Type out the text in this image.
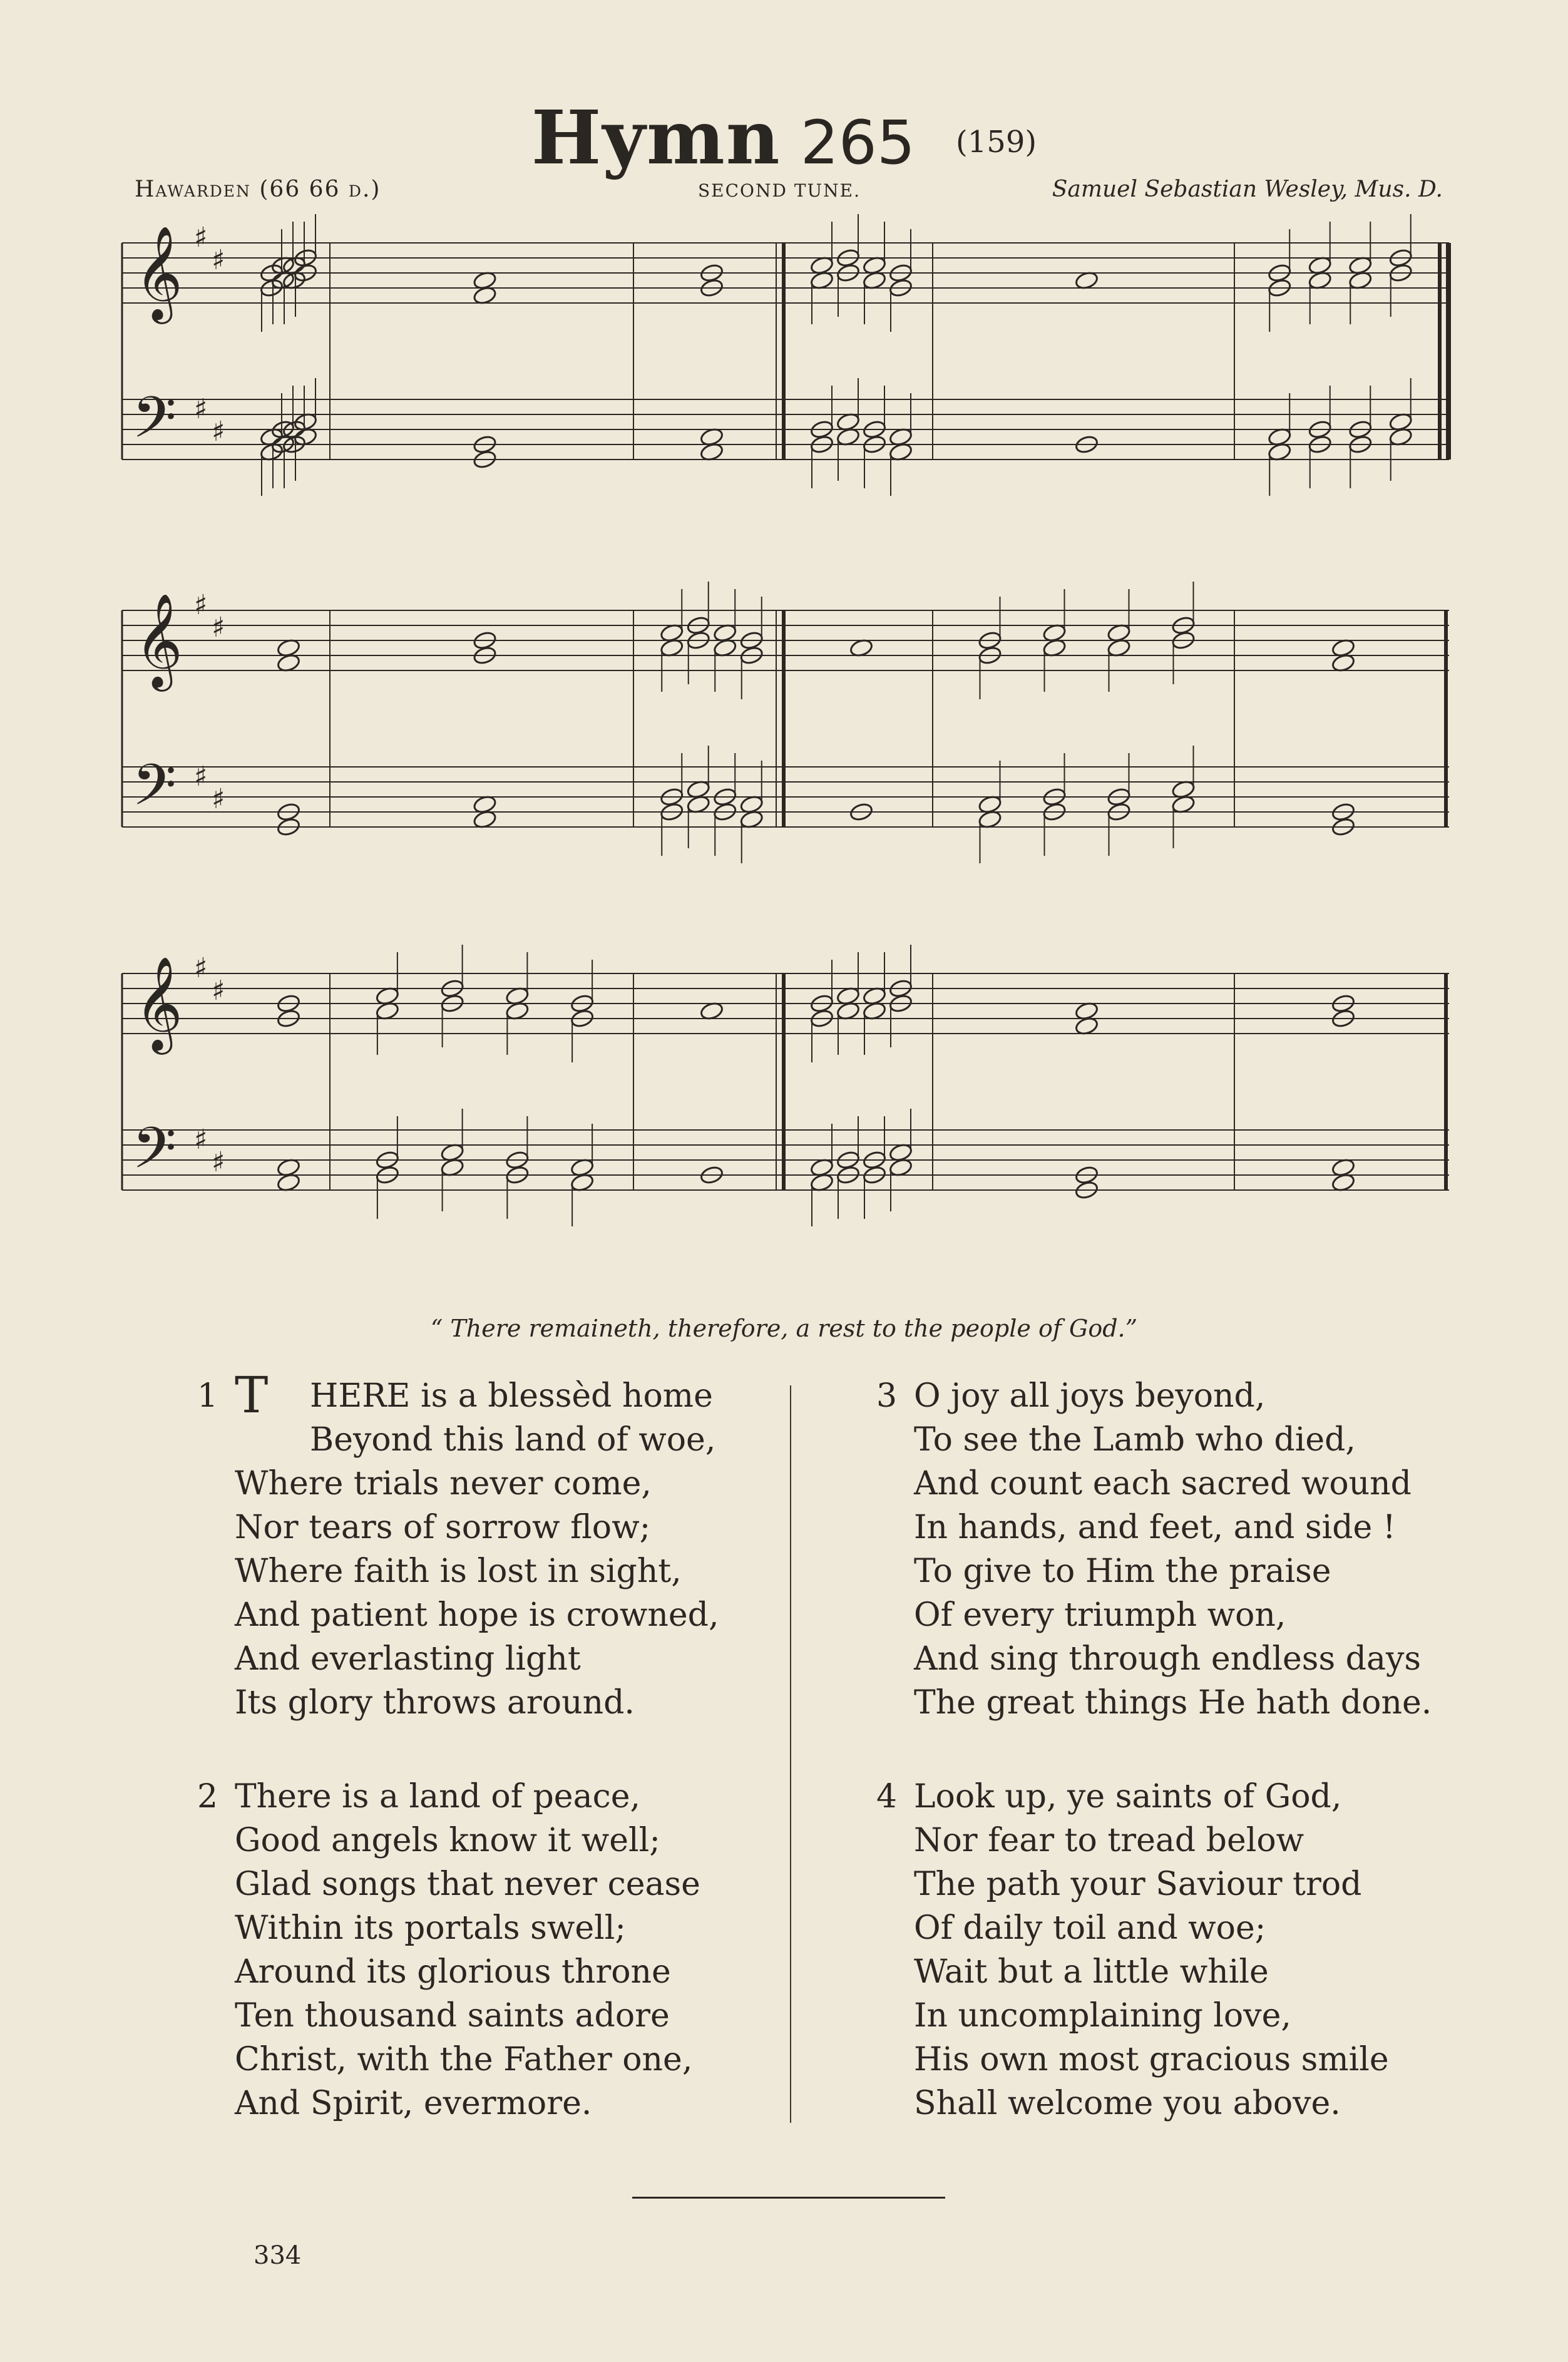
Hymn 265 (159)
Hawarden (66 66 d.)	SECOND TUNE.	Samuel Sebastian Wesley, Mus. D.
𝄞
𝄢
♯
♯
♯
♯
𝄞
𝄢
♯
♯
♯
♯
𝄞
𝄢
♯
♯
♯
♯
“ There remaineth, therefore, a rest to the people of God.”
1 T HERE is a blessèd home
Beyond this land of woe,
Where trials never come,
Nor tears of sorrow flow;
Where faith is lost in sight,
And patient hope is crowned,
And everlasting light
Its glory throws around.
2 There is a land of peace,
Good angels know it well;
Glad songs that never cease
Within its portals swell;
Around its glorious throne
Ten thousand saints adore
Christ, with the Father one,
And Spirit, evermore.
3 O joy all joys beyond,
To see the Lamb who died,
And count each sacred wound
In hands, and feet, and side !
To give to Him the praise
Of every triumph won,
And sing through endless days
The great things He hath done.
4 Look up, ye saints of God,
Nor fear to tread below
The path your Saviour trod
Of daily toil and woe;
Wait but a little while
In uncomplaining love,
His own most gracious smile
Shall welcome you above.
334
